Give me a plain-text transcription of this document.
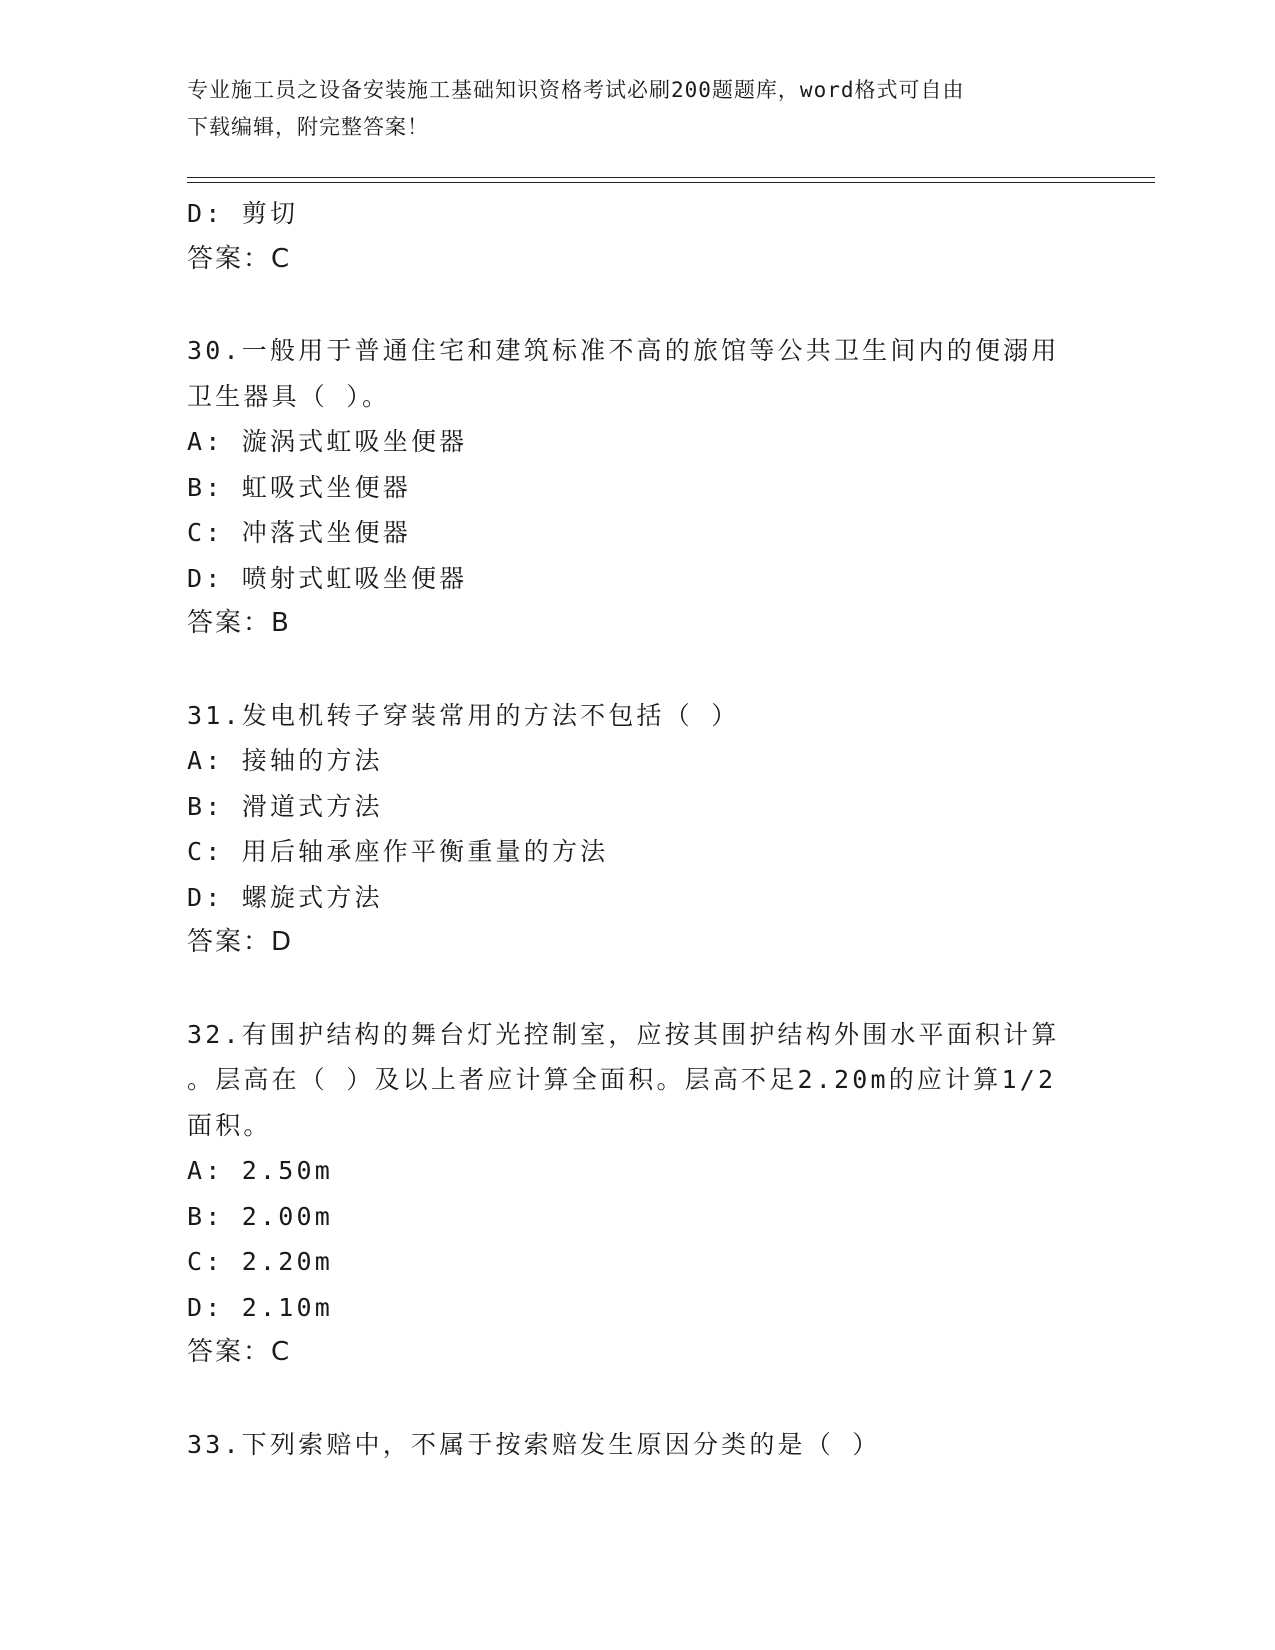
专业施工员之设备安装施工基础知识资格考试必刷200题题库，word格式可自由
下载编辑，附完整答案！
D: 剪切
答案：C
30.一般用于普通住宅和建筑标准不高的旅馆等公共卫生间内的便溺用
卫生器具（ ）。
A: 漩涡式虹吸坐便器
B: 虹吸式坐便器
C: 冲落式坐便器
D: 喷射式虹吸坐便器
答案：B
31.发电机转子穿装常用的方法不包括（ ）
A: 接轴的方法
B: 滑道式方法
C: 用后轴承座作平衡重量的方法
D: 螺旋式方法
答案：D
32.有围护结构的舞台灯光控制室，应按其围护结构外围水平面积计算
。层高在（ ）及以上者应计算全面积。层高不足2.20m的应计算1/2
面积。
A: 2.50m
B: 2.00m
C: 2.20m
D: 2.10m
答案：C
33.下列索赔中，不属于按索赔发生原因分类的是（ ）
